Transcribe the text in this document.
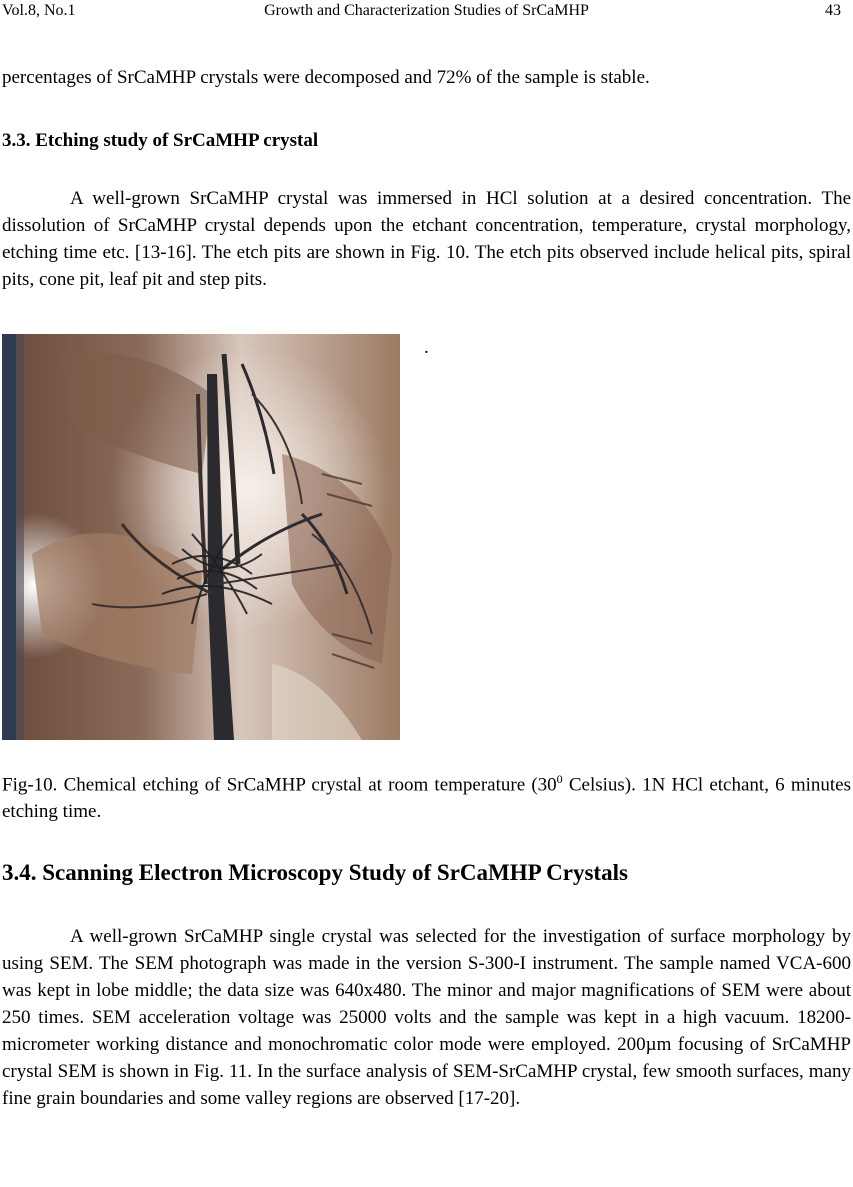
Vol.8, No.1	Growth and Characterization Studies of SrCaMHP	43
percentages of SrCaMHP crystals were decomposed and 72% of the sample is stable.
3.3. Etching study of SrCaMHP crystal
A well-grown SrCaMHP crystal was immersed in HCl solution at a desired concentration. The dissolution of SrCaMHP crystal depends upon the etchant concentration, temperature, crystal morphology, etching time etc. [13-16]. The etch pits are shown in Fig. 10. The etch pits observed include helical pits, spiral pits, cone pit, leaf pit and step pits.
.
Fig-10. Chemical etching of SrCaMHP crystal at room temperature ($30^0$ Celsius). 1N HCl etchant, 6 minutes etching time.
3.4. Scanning Electron Microscopy Study of SrCaMHP Crystals
A well-grown SrCaMHP single crystal was selected for the investigation of surface morphology by using SEM. The SEM photograph was made in the version S-300-I instrument. The sample named VCA-600 was kept in lobe middle; the data size was 640x480. The minor and major magnifications of SEM were about 250 times. SEM acceleration voltage was 25000 volts and the sample was kept in a high vacuum. 18200-micrometer working distance and monochromatic color mode were employed. 200µm focusing of SrCaMHP crystal SEM is shown in Fig. 11. In the surface analysis of SEM-SrCaMHP crystal, few smooth surfaces, many fine grain boundaries and some valley regions are observed [17-20].
